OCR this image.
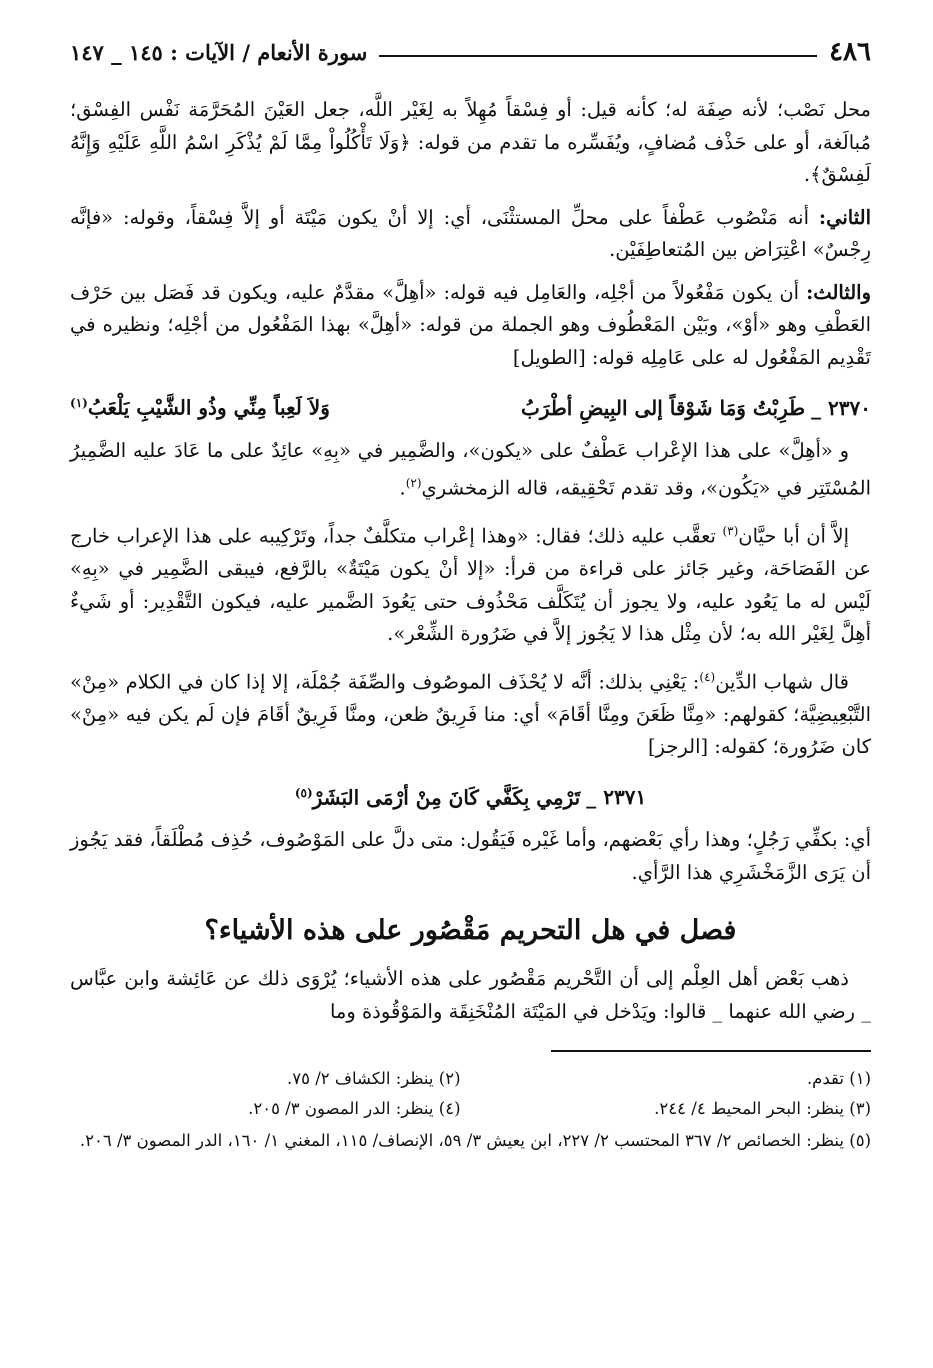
٤٨٦
سورة الأنعام / الآيات : ١٤٥ _ ١٤٧

محل نَصْب؛ لأنه صِفَة له؛ كأنه قيل: أو فِسْقاً مُهِلاً به لِغَيْر اللَّه، جعل العَيْنَ المُحَرَّمَة نَفْس الفِسْق؛ مُبالَغة، أو على حَذْف مُضافٍ، ويُفَسِّره ما تقدم من قوله: ﴿وَلَا تَأْكُلُواْ مِمَّا لَمْ يُذْكَرِ اسْمُ اللَّهِ عَلَيْهِ وَإِنَّهُ لَفِسْقٌ﴾.

الثاني: أنه مَنْصُوب عَطْفاً على محلِّ المستثْنَى، أي: إلا أنْ يكون مَيْتَة أو إلاَّ فِسْقاً، وقوله: «فإنَّه رِجْسٌ» اعْتِرَاض بين المُتعاطِفَيْن.

والثالث: أن يكون مَفْعُولاً من أجْلِه، والعَامِل فيه قوله: «أهِلَّ» مقدَّمٌ عليه، ويكون قد فَصَل بين حَرْف العَطْفِ وهو «أوْ»، وبَيْن المَعْطُوف وهو الجملة من قوله: «أهِلَّ» بهذا المَفْعُول من أجْلِه؛ ونظيره في تَقْدِيم المَفْعُول له على عَامِلِه قوله: [الطويل]

٢٣٧٠ _طَرِبْتُ وَمَا شَوْقاً إلى البِيضِ أطْرَبُ
وَلاَ لَعِباً مِنِّي وذُو الشَّيْبِ يَلْعَبُ$^{(١)}$

و «أهِلَّ» على هذا الإعْراب عَطْفٌ على «يكون»، والضَّمِير في «بِهِ» عائِدٌ على ما عَادَ عليه الضَّمِيرُ المُسْتَتِر في «يَكُون»، وقد تقدم تَحْقِيقه، قاله الزمخشري$^{(٢)}$.

إلاَّ أن أبا حيَّان$^{(٣)}$ تعقَّب عليه ذلك؛ فقال: «وهذا إعْراب متكلَّفٌ جداً، وتَرْكِيبه على هذا الإعراب خارج عن الفَصَاحَة، وغير جَائز على قراءة من قرأ: «إلا أنْ يكون مَيْتَةٌ» بالرَّفع، فيبقى الضَّمِير في «بِهِ» لَيْس له ما يَعُود عليه، ولا يجوز أن يُتَكَلَّف مَحْذُوف حتى يَعُودَ الضَّمير عليه، فيكون التَّقْدِير: أو شَيءٌ أهِلَّ لِغَيْر الله به؛ لأن مِثْل هذا لا يَجُوز إلاَّ في ضَرُورة الشِّعْر».

قال شهاب الدِّين$^{(٤)}$: يَعْنِي بذلك: أنَّه لا يُحْذَف الموصُوف والصِّفَة جُمْلَة، إلا إذا كان في الكلام «مِنْ» التَّبْعِيضِيَّة؛ كقولهم: «مِنَّا ظَعَنَ ومِنَّا أقَامَ» أي: منا فَرِيقٌ ظعن، ومنَّا فَرِيقٌ أقَامَ فإن لَم يكن فيه «مِنْ» كان ضَرُورة؛ كقوله: [الرجز]

٢٣٧١ _
تَرْمِي بِكَفَّي كَانَ مِنْ أرْمَى البَشَرْ$^{(٥)}$

أي: بكفِّي رَجُلٍ؛ وهذا رأي بَعْضهم، وأما غَيْره فَيَقُول: متى دلَّ على المَوْصُوف، حُذِف مُطْلَقاً، فقد يَجُوز أن يَرَى الزَّمَخْشَرِي هذا الرَّأي.

فصل في هل التحريم مَقْصُور على هذه الأشياء؟

ذهب بَعْض أهل العِلْم إلى أن التَّحْريم مَقْصُور على هذه الأشياء؛ يُرْوَى ذلك عن عَائِشة وابن عبَّاس _ رضي الله عنهما _ قالوا: ويَدْخل في المَيْتَة المُنْخَنِقَة والمَوْقُوذة وما

(١) تقدم.
(٢) ينظر: الكشاف ٢/ ٧٥.
(٣) ينظر: البحر المحيط ٤/ ٢٤٤.
(٤) ينظر: الدر المصون ٣/ ٢٠٥.
(٥) ينظر: الخصائص ٢/ ٣٦٧ المحتسب ٢/ ٢٢٧، ابن يعيش ٣/ ٥٩، الإنصاف/ ١١٥، المغني ١/ ١٦٠، الدر المصون ٣/ ٢٠٦.
